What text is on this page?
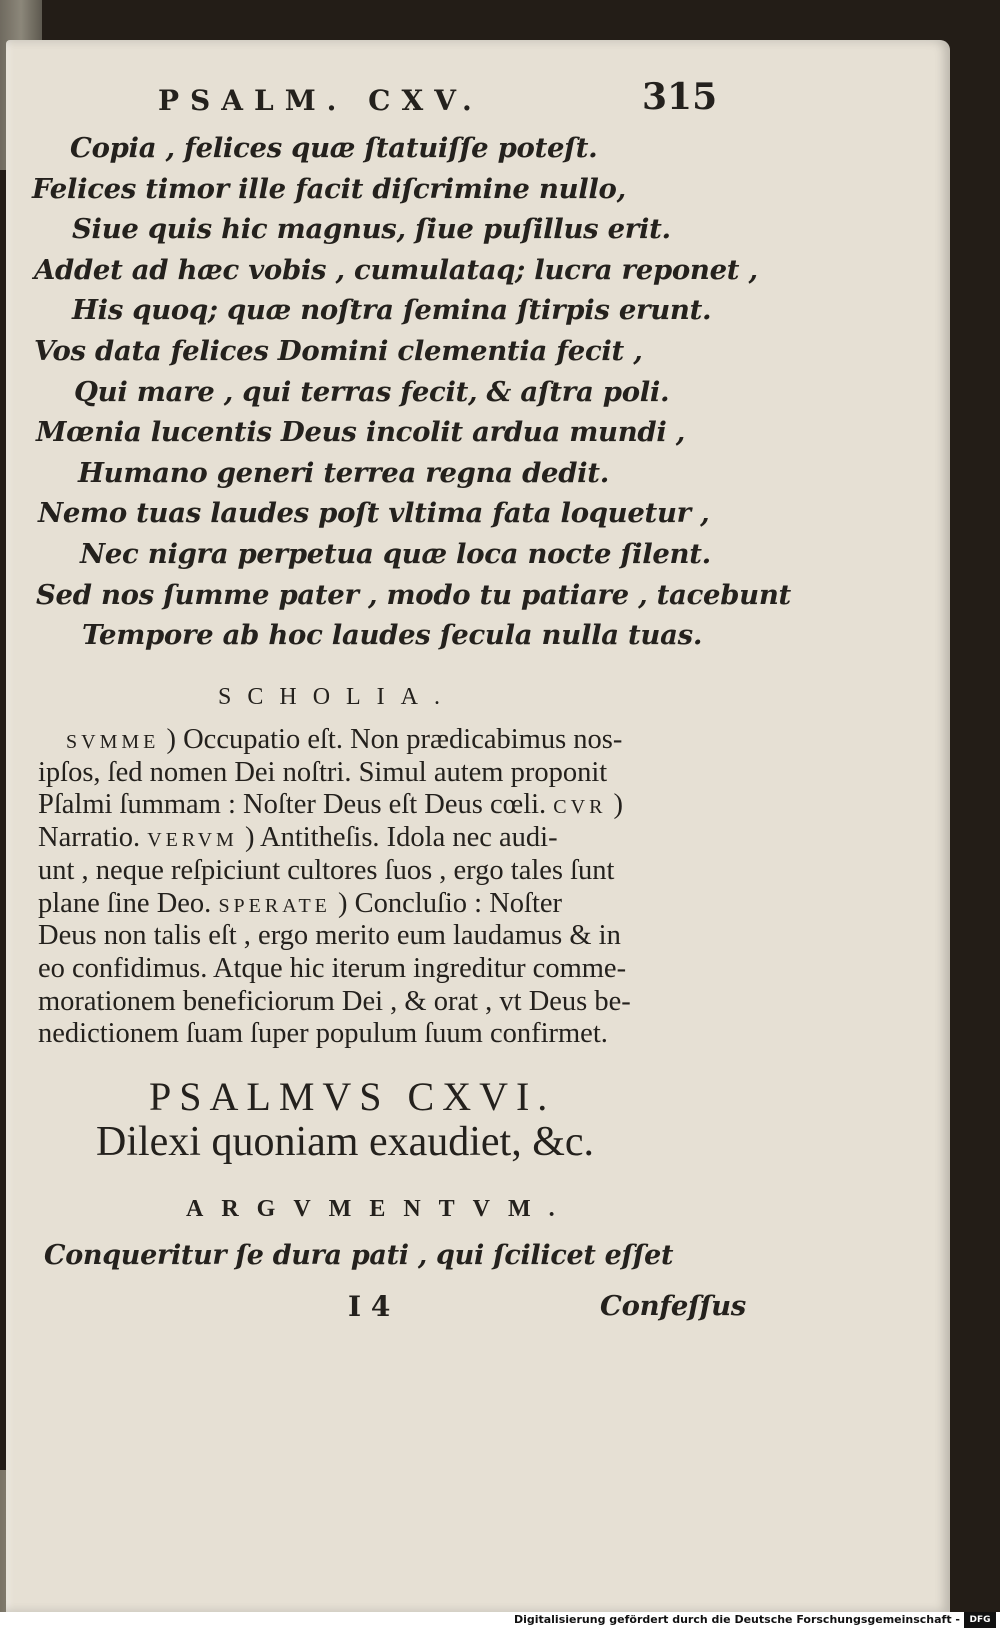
PSALM. CXV.	315
Copia , felices quæ ſtatuiſſe poteſt.
Felices timor ille facit diſcrimine nullo,
Siue quis hic magnus, ſiue puſillus erit.
Addet ad hæc vobis , cumulataq; lucra reponet ,
His quoq; quæ noſtra ſemina ſtirpis erunt.
Vos data felices Domini clementia fecit ,
Qui mare , qui terras fecit, & aſtra poli.
Mœnia lucentis Deus incolit ardua mundi ,
Humano generi terrea regna dedit.
Nemo tuas laudes poſt vltima fata loquetur ,
Nec nigra perpetua quæ loca nocte ſilent.
Sed nos ſumme pater , modo tu patiare , tacebunt
Tempore ab hoc laudes ſecula nulla tuas.
SCHOLIA.
SVMME ) Occupatio eſt. Non prædicabimus nos-
ipſos, ſed nomen Dei noſtri. Simul autem proponit
Pſalmi ſummam : Noſter Deus eſt Deus cœli. CVR )
Narratio. VERVM ) Antitheſis. Idola nec audi-
unt , neque reſpiciunt cultores ſuos , ergo tales ſunt
plane ſine Deo. SPERATE ) Concluſio : Noſter
Deus non talis eſt , ergo merito eum laudamus & in
eo confidimus. Atque hic iterum ingreditur comme-
morationem beneficiorum Dei , & orat , vt Deus be-
nedictionem ſuam ſuper populum ſuum confirmet.
PSALMVS CXVI.
Dilexi quoniam exaudiet, &c.
ARGVMENTVM.
Conqueritur ſe dura pati , qui ſcilicet eſſet
I 4	Confeſſus
Digitalisierung gefördert durch die Deutsche Forschungsgemeinschaft -	DFG
